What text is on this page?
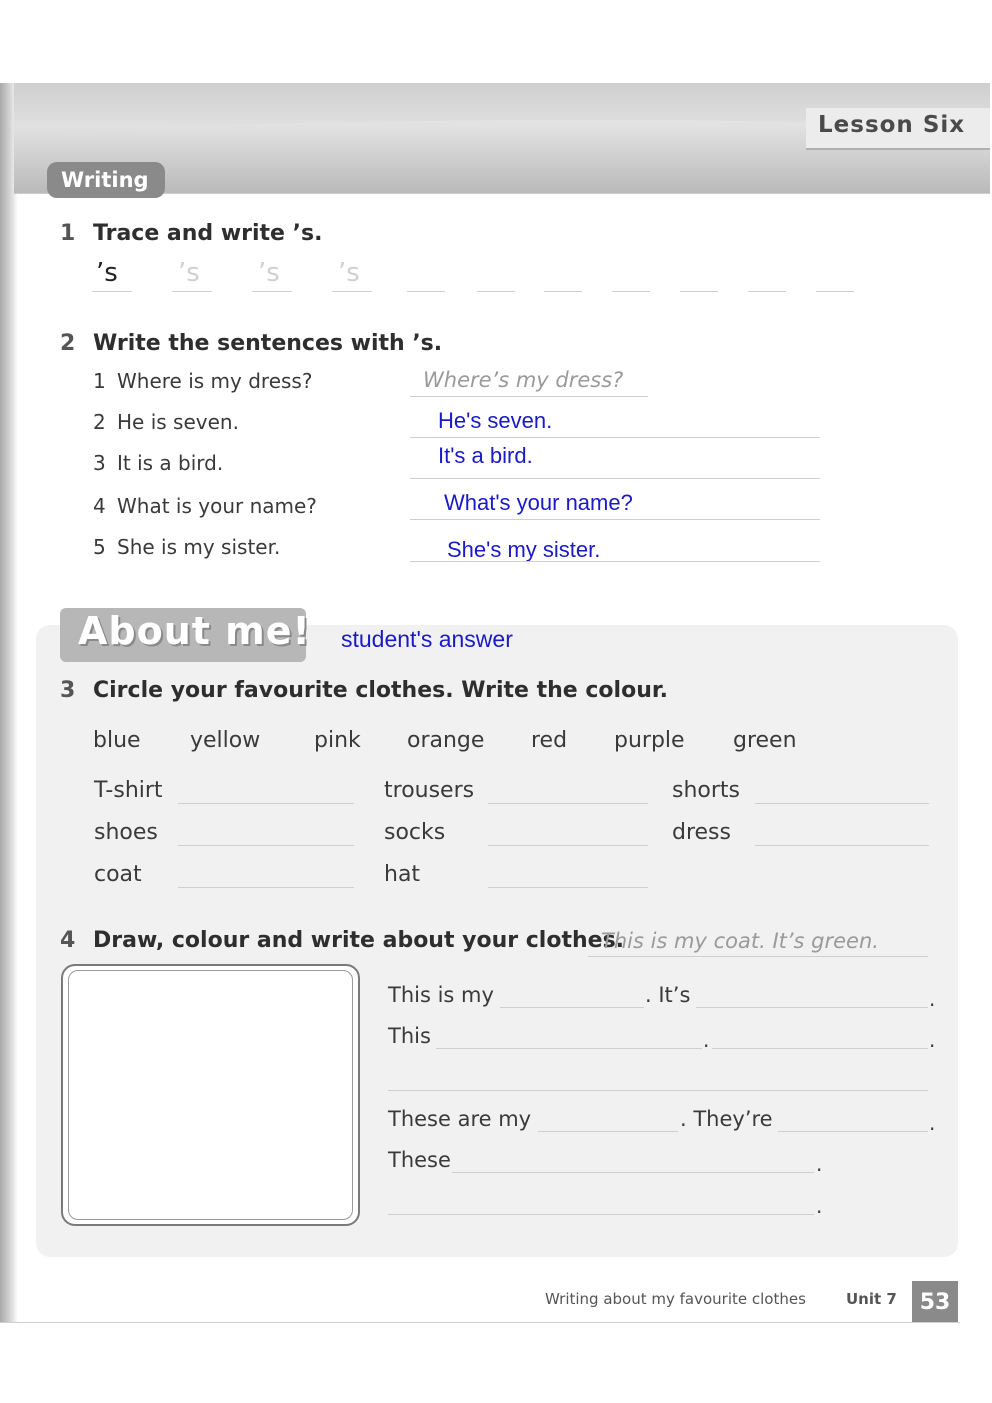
Lesson Six
Writing
1 Trace and write ’s.
’s ’s ’s ’s
2 Write the sentences with ’s.
1 Where is my dress?	Where’s my dress?
2 He is seven.	He's seven.
3 It is a bird.	It's a bird.
4 What is your name?	What's your name?
5 She is my sister.	She's my sister.
About me! student's answer
3 Circle your favourite clothes. Write the colour.
blue yellow pink orange red purple green
T-shirt	trousers	shorts
shoes	socks	dress
coat	hat
4 Draw, colour and write about your clothes.
This is my coat. It’s green.
This is my	. It’s	.
This	.	.
These are my	. They’re	.
These	.
.
Writing about my favourite clothes	Unit 7	53
